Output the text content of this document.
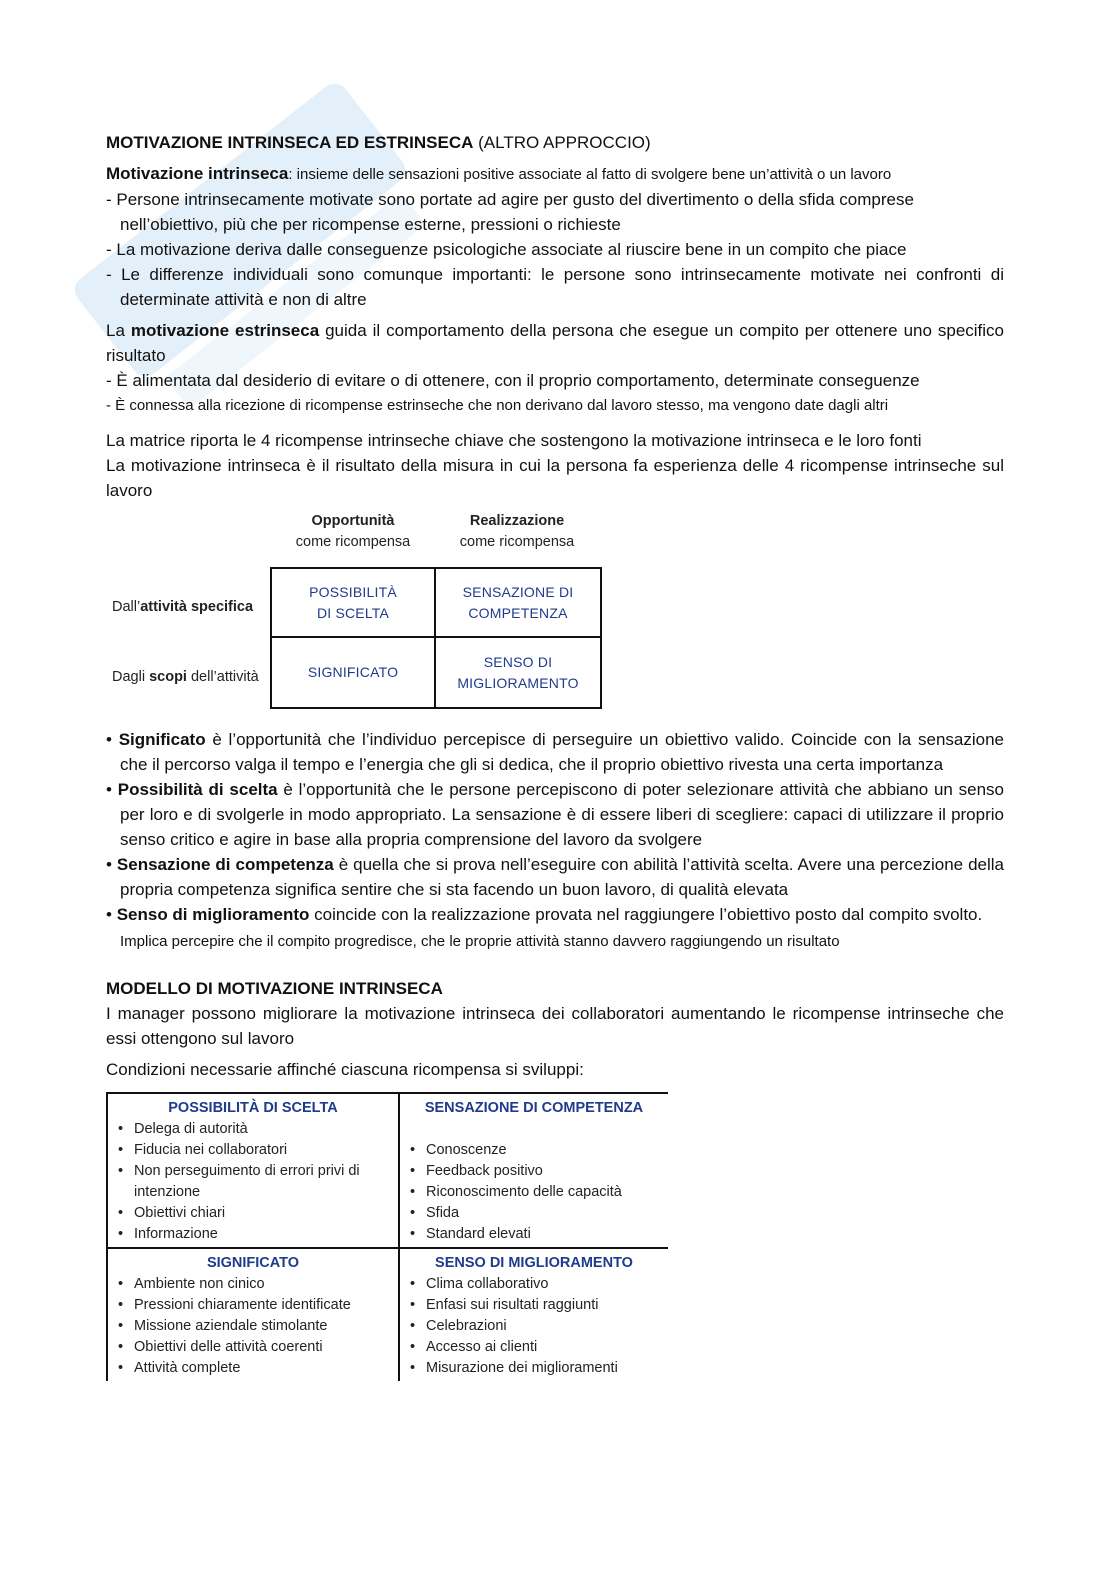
MOTIVAZIONE INTRINSECA ED ESTRINSECA (ALTRO APPROCCIO)

Motivazione intrinseca: insieme delle sensazioni positive associate al fatto di svolgere bene un’attività o un lavoro

- Persone intrinsecamente motivate sono portate ad agire per gusto del divertimento o della sfida comprese nell’obiettivo, più che per ricompense esterne, pressioni o richieste

- La motivazione deriva dalle conseguenze psicologiche associate al riuscire bene in un compito che piace

- Le differenze individuali sono comunque importanti: le persone sono intrinsecamente motivate nei confronti di determinate attività e non di altre

La motivazione estrinseca guida il comportamento della persona che esegue un compito per ottenere uno specifico risultato

- È alimentata dal desiderio di evitare o di ottenere, con il proprio comportamento, determinate conseguenze

- È connessa alla ricezione di ricompense estrinseche che non derivano dal lavoro stesso, ma vengono date dagli altri

La matrice riporta le 4 ricompense intrinseche chiave che sostengono la motivazione intrinseca e le loro fonti

La motivazione intrinseca è il risultato della misura in cui la persona fa esperienza delle 4 ricompense intrinseche sul lavoro

Opportunità
come ricompensa
Realizzazione
come ricompensa
Dall’attività specifica
Dagli scopi dell’attività
POSSIBILITÀ
DI SCELTA
SENSAZIONE DI
COMPETENZA
SIGNIFICATO
SENSO DI
MIGLIORAMENTO

• Significato è l’opportunità che l’individuo percepisce di perseguire un obiettivo valido. Coincide con la sensazione che il percorso valga il tempo e l’energia che gli si dedica, che il proprio obiettivo rivesta una certa importanza

• Possibilità di scelta è l’opportunità che le persone percepiscono di poter selezionare attività che abbiano un senso per loro e di svolgerle in modo appropriato. La sensazione è di essere liberi di scegliere: capaci di utilizzare il proprio senso critico e agire in base alla propria comprensione del lavoro da svolgere

• Sensazione di competenza è quella che si prova nell’eseguire con abilità l’attività scelta. Avere una percezione della propria competenza significa sentire che si sta facendo un buon lavoro, di qualità elevata

• Senso di miglioramento coincide con la realizzazione provata nel raggiungere l’obiettivo posto dal compito svolto. Implica percepire che il compito progredisce, che le proprie attività stanno davvero raggiungendo un risultato

MODELLO DI MOTIVAZIONE INTRINSECA

I manager possono migliorare la motivazione intrinseca dei collaboratori aumentando le ricompense intrinseche che essi ottengono sul lavoro

Condizioni necessarie affinché ciascuna ricompensa si sviluppi:

POSSIBILITÀ DI SCELTA
• Delega di autorità
• Fiducia nei collaboratori
• Non perseguimento di errori privi di intenzione
• Obiettivi chiari
• Informazione
SENSAZIONE DI COMPETENZA
• Conoscenze
• Feedback positivo
• Riconoscimento delle capacità
• Sfida
• Standard elevati
SIGNIFICATO
• Ambiente non cinico
• Pressioni chiaramente identificate
• Missione aziendale stimolante
• Obiettivi delle attività coerenti
• Attività complete
SENSO DI MIGLIORAMENTO
• Clima collaborativo
• Enfasi sui risultati raggiunti
• Celebrazioni
• Accesso ai clienti
• Misurazione dei miglioramenti
